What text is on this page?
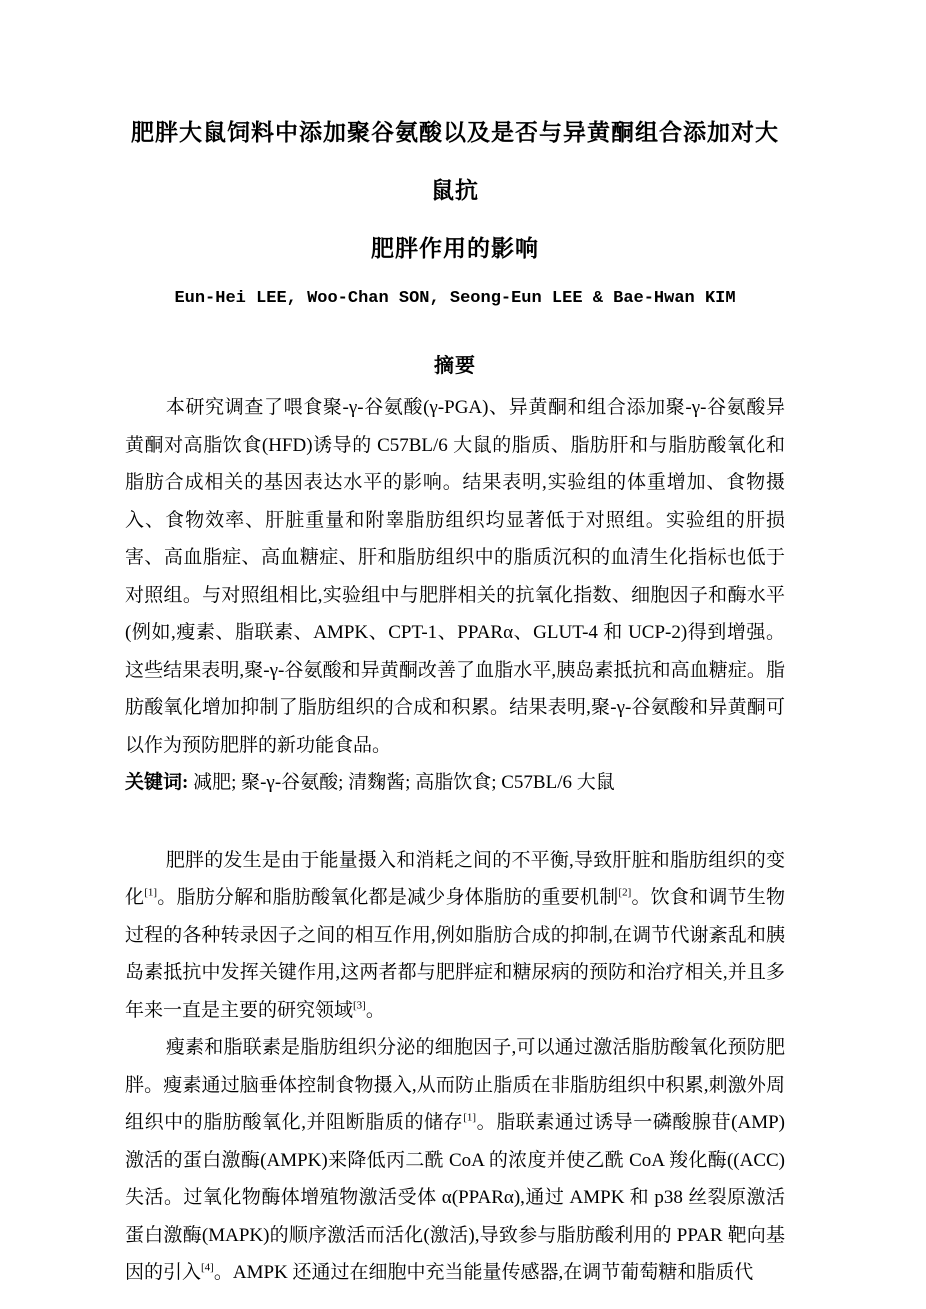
肥胖大鼠饲料中添加聚谷氨酸以及是否与异黄酮组合添加对大鼠抗
肥胖作用的影响
Eun-Hei LEE, Woo-Chan SON, Seong-Eun LEE & Bae-Hwan KIM
摘要
本研究调查了喂食聚-γ-谷氨酸(γ-PGA)、异黄酮和组合添加聚-γ-谷氨酸异黄酮对高脂饮食(HFD)诱导的 C57BL/6 大鼠的脂质、脂肪肝和与脂肪酸氧化和脂肪合成相关的基因表达水平的影响。结果表明,实验组的体重增加、食物摄入、食物效率、肝脏重量和附睾脂肪组织均显著低于对照组。实验组的肝损害、高血脂症、高血糖症、肝和脂肪组织中的脂质沉积的血清生化指标也低于对照组。与对照组相比,实验组中与肥胖相关的抗氧化指数、细胞因子和酶水平(例如,瘦素、脂联素、AMPK、CPT-1、PPARα、GLUT-4 和 UCP-2)得到增强。这些结果表明,聚-γ-谷氨酸和异黄酮改善了血脂水平,胰岛素抵抗和高血糖症。脂肪酸氧化增加抑制了脂肪组织的合成和积累。结果表明,聚-γ-谷氨酸和异黄酮可以作为预防肥胖的新功能食品。
关键词: 减肥; 聚-γ-谷氨酸; 清麴酱; 高脂饮食; C57BL/6 大鼠

肥胖的发生是由于能量摄入和消耗之间的不平衡,导致肝脏和脂肪组织的变化[1]。脂肪分解和脂肪酸氧化都是减少身体脂肪的重要机制[2]。饮食和调节生物过程的各种转录因子之间的相互作用,例如脂肪合成的抑制,在调节代谢紊乱和胰岛素抵抗中发挥关键作用,这两者都与肥胖症和糖尿病的预防和治疗相关,并且多年来一直是主要的研究领域[3]。

瘦素和脂联素是脂肪组织分泌的细胞因子,可以通过激活脂肪酸氧化预防肥胖。瘦素通过脑垂体控制食物摄入,从而防止脂质在非脂肪组织中积累,刺激外周组织中的脂肪酸氧化,并阻断脂质的储存[1]。脂联素通过诱导一磷酸腺苷(AMP)激活的蛋白激酶(AMPK)来降低丙二酰 CoA 的浓度并使乙酰 CoA 羧化酶((ACC)失活。过氧化物酶体增殖物激活受体 α(PPARα),通过 AMPK 和 p38 丝裂原激活蛋白激酶(MAPK)的顺序激活而活化(激活),导致参与脂肪酸利用的 PPAR 靶向基因的引入[4]。AMPK 还通过在细胞中充当能量传感器,在调节葡萄糖和脂质代
